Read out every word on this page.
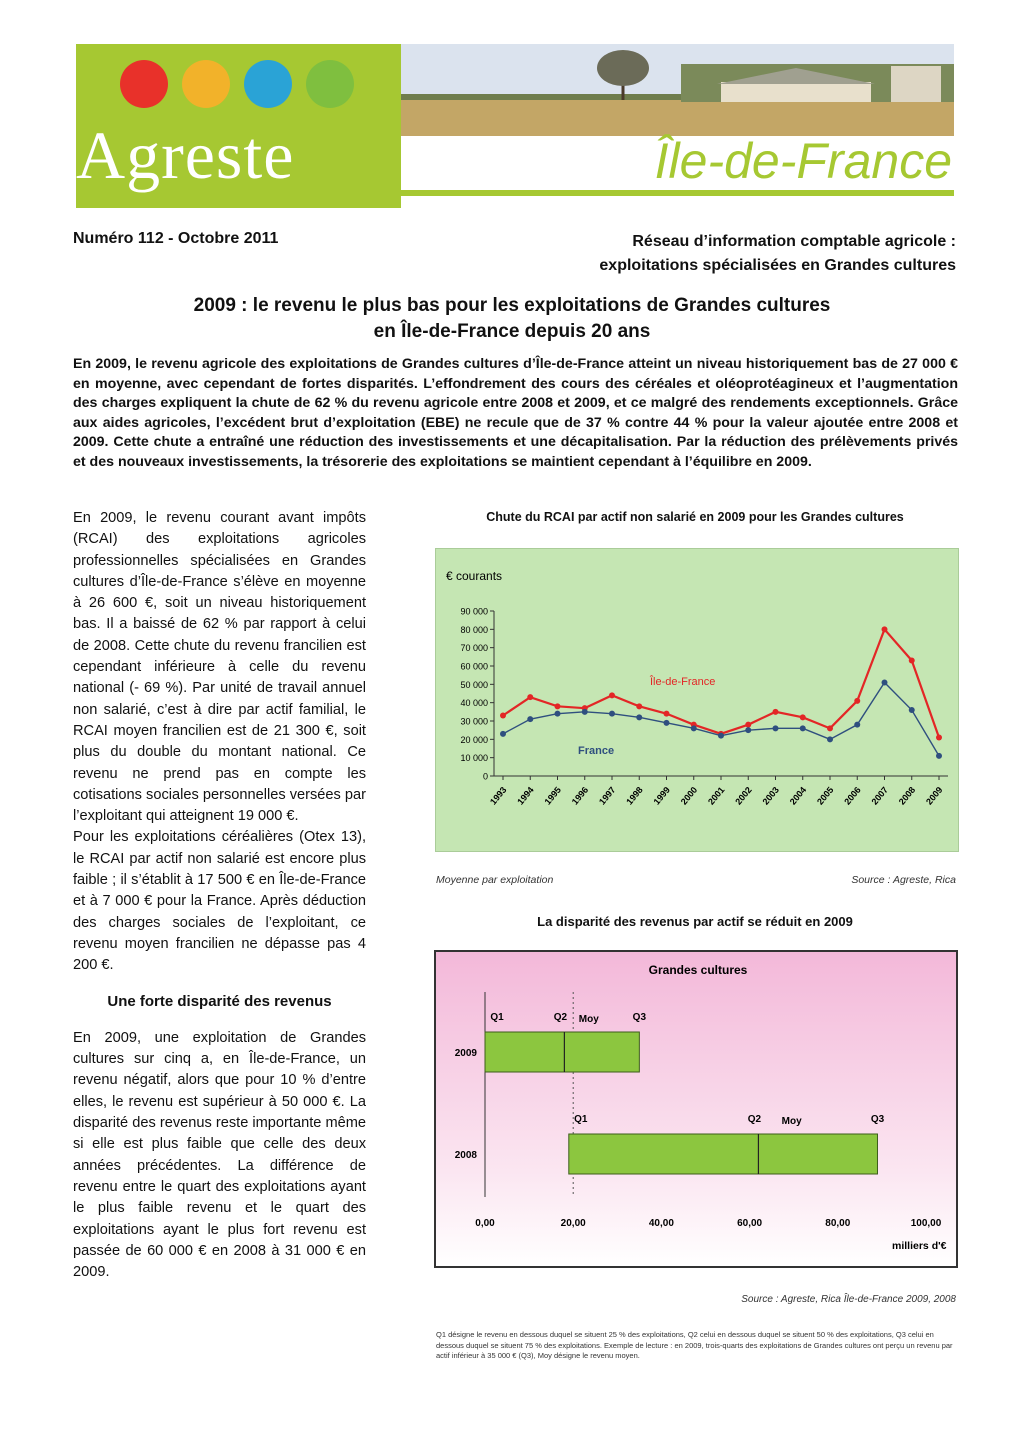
Agreste	Île-de-France
Numéro 112 - Octobre 2011	Réseau d’information comptable agricole :
exploitations spécialisées en Grandes cultures
2009 : le revenu le plus bas pour les exploitations de Grandes cultures
en Île-de-France depuis 20 ans
En 2009, le revenu agricole des exploitations de Grandes cultures d’Île-de-France atteint un niveau historiquement bas de 27 000 € en moyenne, avec cependant de fortes disparités. L’effondrement des cours des céréales et oléoprotéagineux et l’augmentation des charges expliquent la chute de 62 % du revenu agricole entre 2008 et 2009, et ce malgré des rendements exceptionnels. Grâce aux aides agricoles, l’excédent brut d’exploitation (EBE) ne recule que de 37 % contre 44 % pour la valeur ajoutée entre 2008 et 2009. Cette chute a entraîné une réduction des investissements et une décapitalisation. Par la réduction des prélèvements privés et des nouveaux investissements, la trésorerie des exploitations se maintient cependant à l’équilibre en 2009.

En 2009, le revenu courant avant impôts (RCAI) des exploitations agricoles professionnelles spécialisées en Grandes cultures d’Île-de-France s’élève en moyenne à 26 600 €, soit un niveau historiquement bas. Il a baissé de 62 % par rapport à celui de 2008. Cette chute du revenu francilien est cependant inférieure à celle du revenu national (- 69 %). Par unité de travail annuel non salarié, c’est à dire par actif familial, le RCAI moyen francilien est de 21 300 €, soit plus du double du montant national. Ce revenu ne prend pas en compte les cotisations sociales personnelles versées par l’exploitant qui atteignent 19 000 €.

Pour les exploitations céréalières (Otex 13), le RCAI par actif non salarié est encore plus faible ; il s’établit à 17 500 € en Île-de-France et à 7 000 € pour la France. Après déduction des charges sociales de l’exploitant, ce revenu moyen francilien ne dépasse pas 4 200 €.

Une forte disparité des revenus

En 2009, une exploitation de Grandes cultures sur cinq a, en Île-de-France, un revenu négatif, alors que pour 10 % d’entre elles, le revenu est supérieur à 50 000 €. La disparité des revenus reste importante même si elle est plus faible que celle des deux années précédentes. La différence de revenu entre le quart des exploitations ayant le plus faible revenu et le quart des exploitations ayant le plus fort revenu est passée de 60 000 € en 2008 à 31 000 € en 2009.

Chute du RCAI par actif non salarié en 2009 pour les Grandes cultures
€ courants
0
10 000
20 000
30 000
40 000
50 000
60 000
70 000
80 000
90 000
1993 1994 1995 1996 1997 1998 1999 2000 2001 2002 2003 2004 2005 2006 2007 2008 2009
Île-de-France
France
Moyenne par exploitation	Source : Agreste, Rica
La disparité des revenus par actif se réduit en 2009
Grandes cultures
0,00	20,00	40,00	60,00	80,00	100,00
milliers d'€
2009
Q1	Q2 Moy	Q3
2008
Q1	Q2 Moy	Q3
Source : Agreste, Rica Île-de-France 2009, 2008
Q1 désigne le revenu en dessous duquel se situent 25 % des exploitations, Q2 celui en dessous duquel se situent 50 % des exploitations, Q3 celui en dessous duquel se situent 75 % des exploitations. Exemple de lecture : en 2009, trois-quarts des exploitations de Grandes cultures ont perçu un revenu par actif inférieur à 35 000 € (Q3), Moy désigne le revenu moyen.
